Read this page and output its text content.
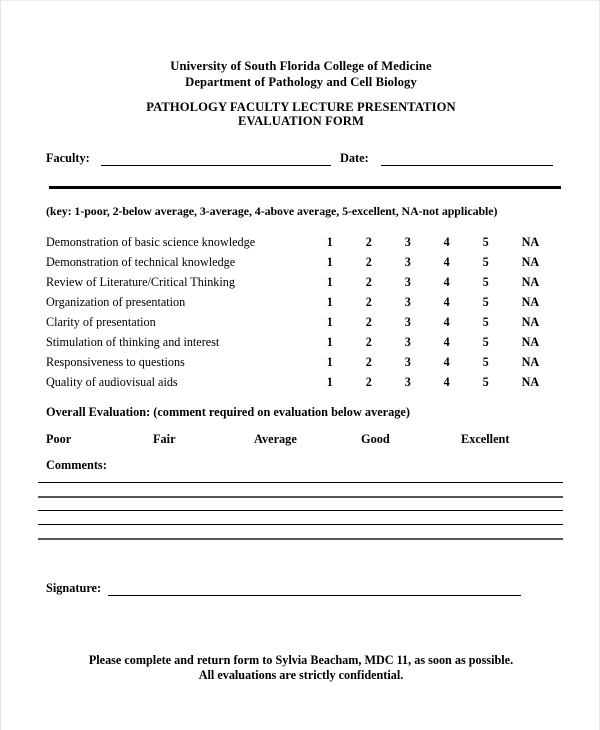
University of South Florida College of Medicine
Department of Pathology and Cell Biology
PATHOLOGY FACULTY LECTURE PRESENTATION
EVALUATION FORM
Faculty:	Date:
(key: 1-poor, 2-below average, 3-average, 4-above average, 5-excellent, NA-not applicable)
Demonstration of basic science knowledge	1	2	3	4	5	NA
Demonstration of technical knowledge	1	2	3	4	5	NA
Review of Literature/Critical Thinking	1	2	3	4	5	NA
Organization of presentation	1	2	3	4	5	NA
Clarity of presentation	1	2	3	4	5	NA
Stimulation of thinking and interest	1	2	3	4	5	NA
Responsiveness to questions	1	2	3	4	5	NA
Quality of audiovisual aids	1	2	3	4	5	NA
Overall Evaluation: (comment required on evaluation below average)
Poor	Fair	Average	Good	Excellent
Comments:
Signature:
Please complete and return form to Sylvia Beacham, MDC 11, as soon as possible.
All evaluations are strictly confidential.
